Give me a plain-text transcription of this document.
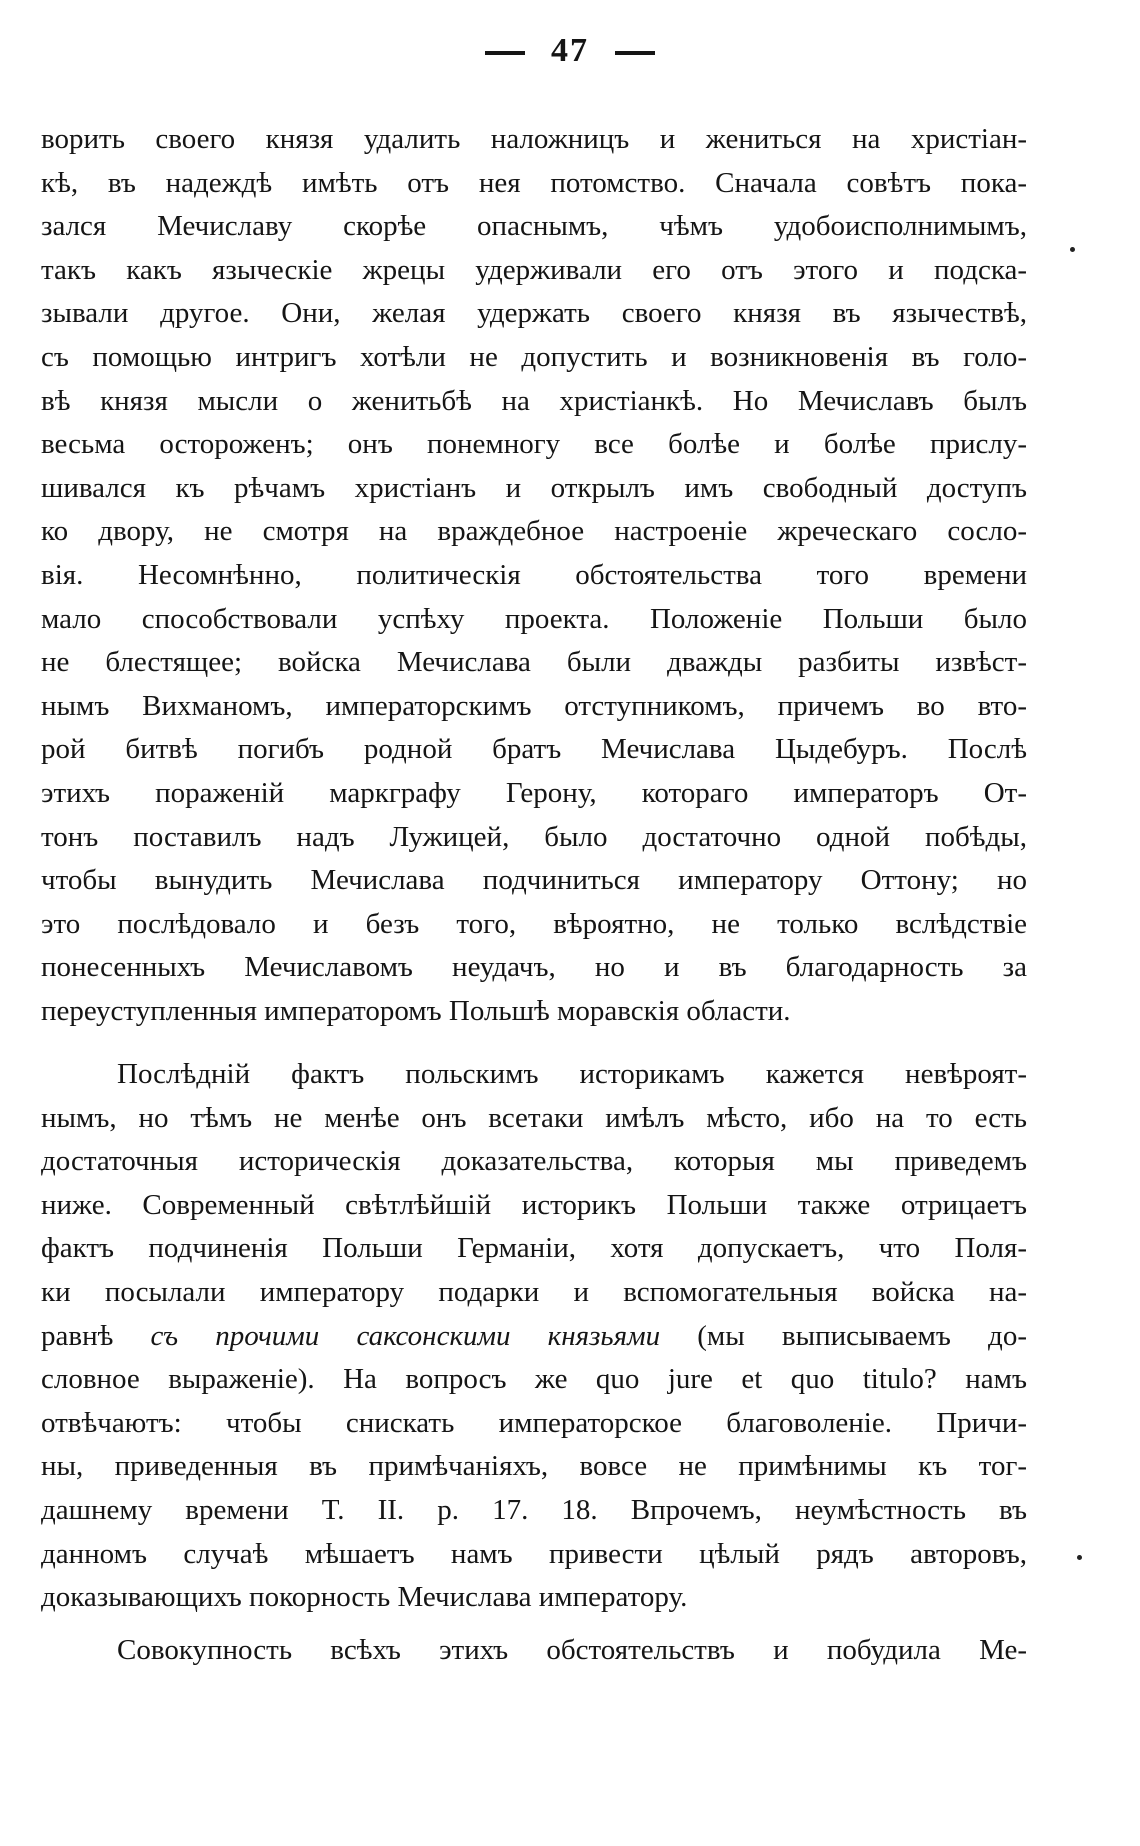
47
ворить своего князя удалить наложницъ и жениться на христіан-
кѣ, въ надеждѣ имѣть отъ нея потомство. Сначала совѣтъ пока-
зался Мечиславу скорѣе опаснымъ, чѣмъ удобоисполнимымъ,
такъ какъ языческіе жрецы удерживали его отъ этого и подска-
зывали другое. Они, желая удержать своего князя въ язычествѣ,
съ помощью интригъ хотѣли не допустить и возникновенія въ голо-
вѣ князя мысли о женитьбѣ на христіанкѣ. Но Мечиславъ былъ
весьма остороженъ; онъ понемногу все болѣе и болѣе прислу-
шивался къ рѣчамъ христіанъ и открылъ имъ свободный доступъ
ко двору, не смотря на враждебное настроеніе жреческаго сосло-
вія. Несомнѣнно, политическія обстоятельства того времени
мало способствовали успѣху проекта. Положеніе Польши было
не блестящее; войска Мечислава были дважды разбиты извѣст-
нымъ Вихманомъ, императорскимъ отступникомъ, причемъ во вто-
рой битвѣ погибъ родной братъ Мечислава Цыдебуръ. Послѣ
этихъ пораженій маркграфу Герону, котораго императоръ От-
тонъ поставилъ надъ Лужицей, было достаточно одной побѣды,
чтобы вынудить Мечислава подчиниться императору Оттону; но
это послѣдовало и безъ того, вѣроятно, не только вслѣдствіе
понесенныхъ Мечиславомъ неудачъ, но и въ благодарность за
переуступленныя императоромъ Польшѣ моравскія области.
Послѣдній фактъ польскимъ историкамъ кажется невѣроят-
нымъ, но тѣмъ не менѣе онъ всетаки имѣлъ мѣсто, ибо на то есть
достаточныя историческія доказательства, которыя мы приведемъ
ниже. Современный свѣтлѣйшій историкъ Польши также отрицаетъ
фактъ подчиненія Польши Германіи, хотя допускаетъ, что Поля-
ки посылали императору подарки и вспомогательныя войска на-
равнѣ съ прочими саксонскими князьями (мы выписываемъ до-
словное выраженіе). На вопросъ же quo jure et quo titulo? намъ
отвѣчаютъ: чтобы снискать императорское благоволеніе. Причи-
ны, приведенныя въ примѣчаніяхъ, вовсе не примѣнимы къ тог-
дашнему времени T. II. p. 17. 18. Впрочемъ, неумѣстность въ
данномъ случаѣ мѣшаетъ намъ привести цѣлый рядъ авторовъ,
доказывающихъ покорность Мечислава императору.
Совокупность всѣхъ этихъ обстоятельствъ и побудила Ме-
